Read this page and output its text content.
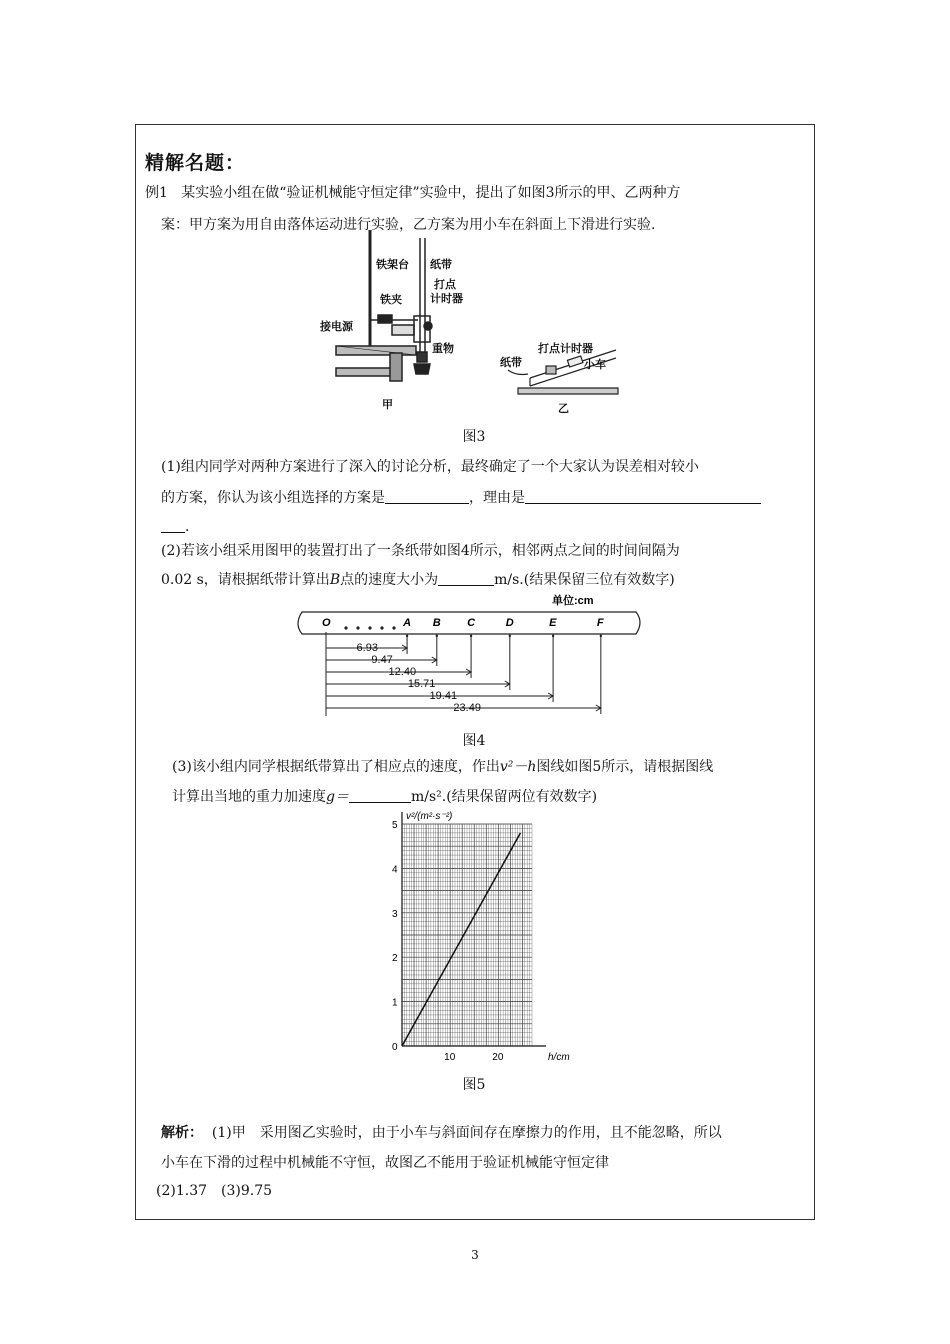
精解名题：
例1 某实验小组在做“验证机械能守恒定律”实验中，提出了如图3所示的甲、乙两种方
案：甲方案为用自由落体运动进行实验，乙方案为用小车在斜面上下滑进行实验.
铁架台 纸带
打点
计时器
铁夹
接电源
重物
甲
打点计时器
小车
纸带
乙
图3
(1)组内同学对两种方案进行了深入的讨论分析，最终确定了一个大家认为误差相对较小
的方案，你认为该小组选择的方案是	，理由是
.
(2)若该小组采用图甲的装置打出了一条纸带如图4所示，相邻两点之间的时间间隔为
0.02 s，请根据纸带计算出B点的速度大小为	m/s.(结果保留三位有效数字)
单位:cm
O	A B C	D	E	F
6.93
9.47
12.40
15.71
19.41
23.49
图4
(3)该小组内同学根据纸带算出了相应点的速度，作出v²－h图线如图5所示，请根据图线
计算出当地的重力加速度g＝	m/s².(结果保留两位有效数字)
0
1
2
3
4
5
10	20
v²/(m²·s⁻²)
h/cm
图5
解析： (1)甲　采用图乙实验时，由于小车与斜面间存在摩擦力的作用，且不能忽略，所以
小车在下滑的过程中机械能不守恒，故图乙不能用于验证机械能守恒定律
(2)1.37　(3)9.75
3
